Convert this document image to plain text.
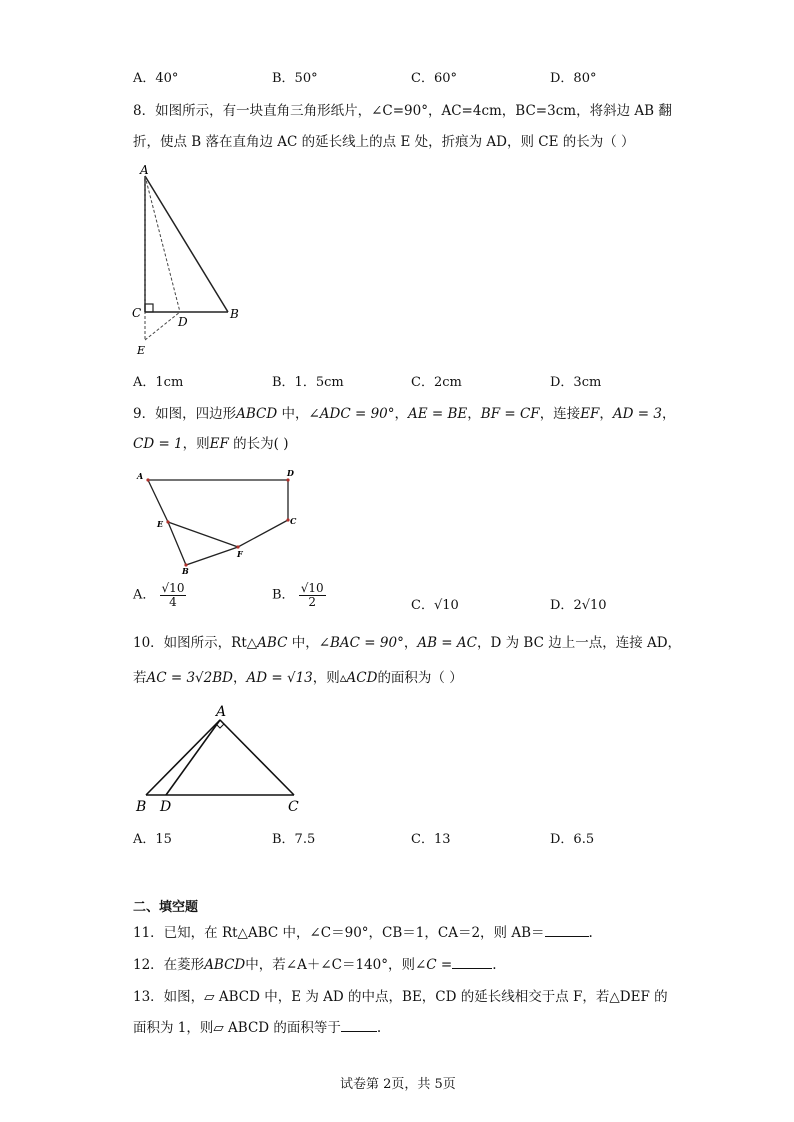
A．40°	B．50°	C．60°	D．80°
8．如图所示，有一块直角三角形纸片，∠C=90°，AC=4cm，BC=3cm，将斜边 AB 翻
折，使点 B 落在直角边 AC 的延长线上的点 E 处，折痕为 AD，则 CE 的长为（ ）
A
C
D
B
E
A．1cm	B．1．5cm	C．2cm	D．3cm
9．如图，四边形ABCD 中，∠ADC = 90°，AE = BE，BF = CF，连接EF，AD = 3，
CD = 1，则EF 的长为( )
A	D
C
E
F
B
A． $\frac{√10}{4}$	B． $\frac{√10}{2}$	C．√10	D．2√10
10．如图所示，Rt△ABC 中，∠BAC = 90°，AB = AC，D 为 BC 边上一点，连接 AD，
若AC = 3√2BD，AD = √13，则▵ACD的面积为（ ）
A
B D	C
A．15	B．7.5	C．13	D．6.5
二、填空题
11．已知，在 Rt△ABC 中，∠C＝90°，CB＝1，CA＝2，则 AB＝	.
12．在菱形ABCD中，若∠A＋∠C＝140°，则∠C =	.
13．如图，▱ ABCD 中，E 为 AD 的中点，BE，CD 的延长线相交于点 F，若△DEF 的
面积为 1，则▱ ABCD 的面积等于	.
试卷第 2页，共 5页
